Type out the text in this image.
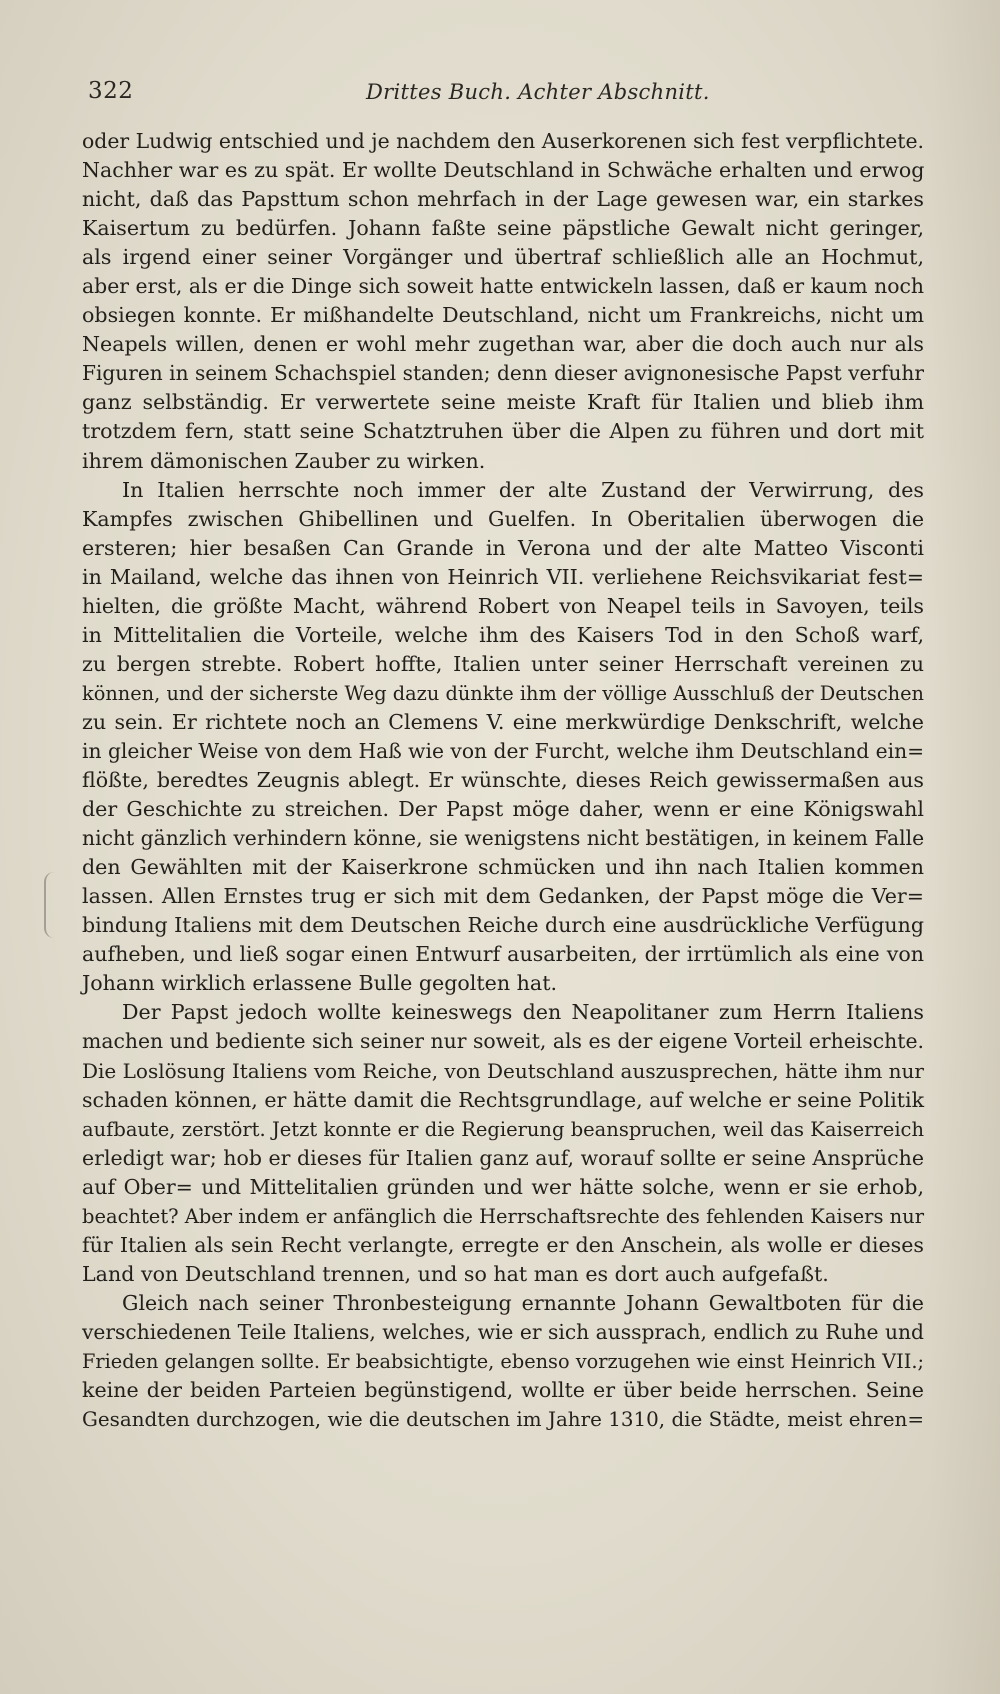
322	Drittes Buch. Achter Abschnitt.
oder Ludwig entschied und je nachdem den Auserkorenen sich fest verpflichtete.
Nachher war es zu spät. Er wollte Deutschland in Schwäche erhalten und erwog
nicht, daß das Papsttum schon mehrfach in der Lage gewesen war, ein starkes
Kaisertum zu bedürfen. Johann faßte seine päpstliche Gewalt nicht geringer,
als irgend einer seiner Vorgänger und übertraf schließlich alle an Hochmut,
aber erst, als er die Dinge sich soweit hatte entwickeln lassen, daß er kaum noch
obsiegen konnte. Er mißhandelte Deutschland, nicht um Frankreichs, nicht um
Neapels willen, denen er wohl mehr zugethan war, aber die doch auch nur als
Figuren in seinem Schachspiel standen; denn dieser avignonesische Papst verfuhr
ganz selbständig. Er verwertete seine meiste Kraft für Italien und blieb ihm
trotzdem fern, statt seine Schatztruhen über die Alpen zu führen und dort mit
ihrem dämonischen Zauber zu wirken.
In Italien herrschte noch immer der alte Zustand der Verwirrung, des
Kampfes zwischen Ghibellinen und Guelfen. In Oberitalien überwogen die
ersteren; hier besaßen Can Grande in Verona und der alte Matteo Visconti
in Mailand, welche das ihnen von Heinrich VII. verliehene Reichsvikariat fest=
hielten, die größte Macht, während Robert von Neapel teils in Savoyen, teils
in Mittelitalien die Vorteile, welche ihm des Kaisers Tod in den Schoß warf,
zu bergen strebte. Robert hoffte, Italien unter seiner Herrschaft vereinen zu
können, und der sicherste Weg dazu dünkte ihm der völlige Ausschluß der Deutschen
zu sein. Er richtete noch an Clemens V. eine merkwürdige Denkschrift, welche
in gleicher Weise von dem Haß wie von der Furcht, welche ihm Deutschland ein=
flößte, beredtes Zeugnis ablegt. Er wünschte, dieses Reich gewissermaßen aus
der Geschichte zu streichen. Der Papst möge daher, wenn er eine Königswahl
nicht gänzlich verhindern könne, sie wenigstens nicht bestätigen, in keinem Falle
den Gewählten mit der Kaiserkrone schmücken und ihn nach Italien kommen
lassen. Allen Ernstes trug er sich mit dem Gedanken, der Papst möge die Ver=
bindung Italiens mit dem Deutschen Reiche durch eine ausdrückliche Verfügung
aufheben, und ließ sogar einen Entwurf ausarbeiten, der irrtümlich als eine von
Johann wirklich erlassene Bulle gegolten hat.
Der Papst jedoch wollte keineswegs den Neapolitaner zum Herrn Italiens
machen und bediente sich seiner nur soweit, als es der eigene Vorteil erheischte.
Die Loslösung Italiens vom Reiche, von Deutschland auszusprechen, hätte ihm nur
schaden können, er hätte damit die Rechtsgrundlage, auf welche er seine Politik
aufbaute, zerstört. Jetzt konnte er die Regierung beanspruchen, weil das Kaiserreich
erledigt war; hob er dieses für Italien ganz auf, worauf sollte er seine Ansprüche
auf Ober= und Mittelitalien gründen und wer hätte solche, wenn er sie erhob,
beachtet? Aber indem er anfänglich die Herrschaftsrechte des fehlenden Kaisers nur
für Italien als sein Recht verlangte, erregte er den Anschein, als wolle er dieses
Land von Deutschland trennen, und so hat man es dort auch aufgefaßt.
Gleich nach seiner Thronbesteigung ernannte Johann Gewaltboten für die
verschiedenen Teile Italiens, welches, wie er sich aussprach, endlich zu Ruhe und
Frieden gelangen sollte. Er beabsichtigte, ebenso vorzugehen wie einst Heinrich VII.;
keine der beiden Parteien begünstigend, wollte er über beide herrschen. Seine
Gesandten durchzogen, wie die deutschen im Jahre 1310, die Städte, meist ehren=
